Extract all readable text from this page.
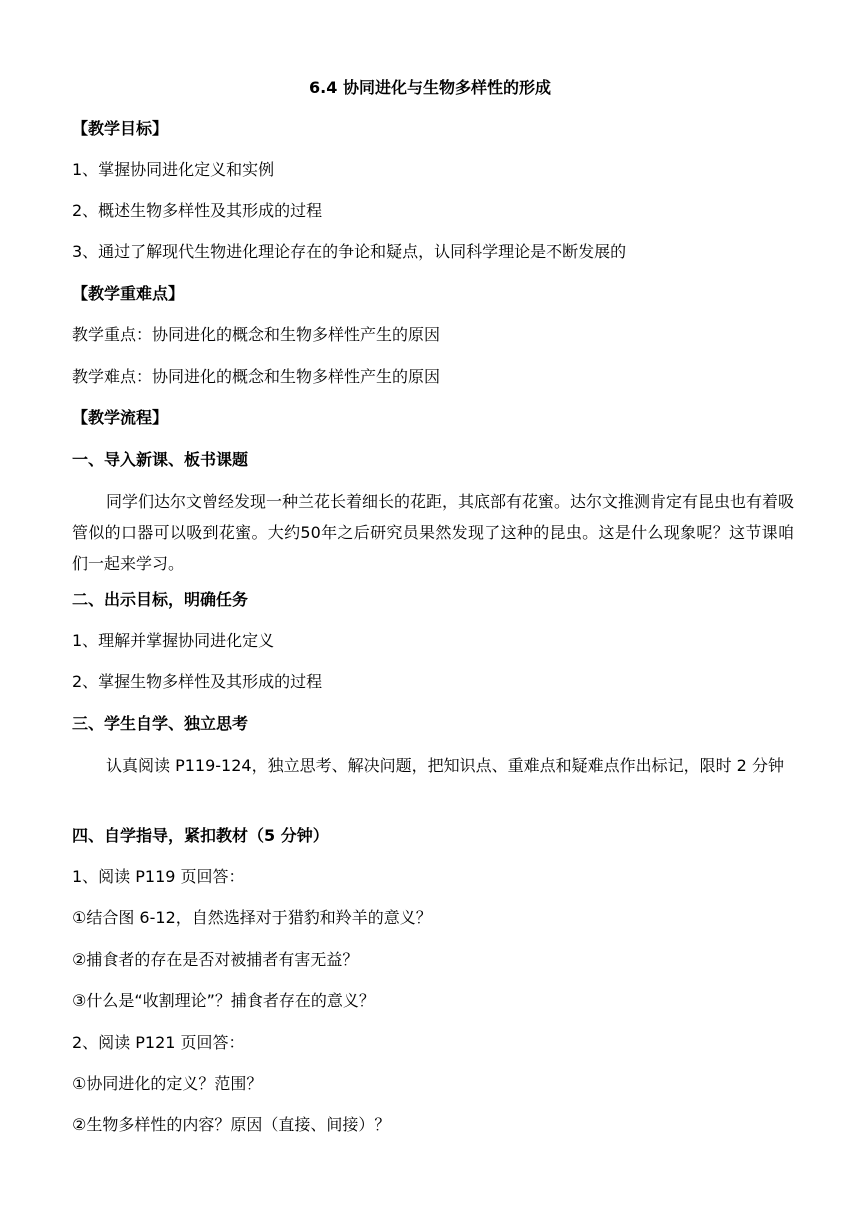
6.4 协同进化与生物多样性的形成
【教学目标】
1、掌握协同进化定义和实例
2、概述生物多样性及其形成的过程
3、通过了解现代生物进化理论存在的争论和疑点，认同科学理论是不断发展的
【教学重难点】
教学重点：协同进化的概念和生物多样性产生的原因
教学难点：协同进化的概念和生物多样性产生的原因
【教学流程】
一、导入新课、板书课题
同学们达尔文曾经发现一种兰花长着细长的花距，其底部有花蜜。达尔文推测肯定有昆虫也有着吸管似的口器可以吸到花蜜。大约50年之后研究员果然发现了这种的昆虫。这是什么现象呢？这节课咱们一起来学习。
二、出示目标，明确任务
1、理解并掌握协同进化定义
2、掌握生物多样性及其形成的过程
三、学生自学、独立思考
认真阅读 P119-124，独立思考、解决问题，把知识点、重难点和疑难点作出标记，限时 2 分钟
四、自学指导，紧扣教材（5 分钟）
1、阅读 P119 页回答：
①结合图 6-12，自然选择对于猎豹和羚羊的意义？
②捕食者的存在是否对被捕者有害无益？
③什么是“收割理论”？捕食者存在的意义？
2、阅读 P121 页回答：
①协同进化的定义？范围？
②生物多样性的内容？原因（直接、间接）？
